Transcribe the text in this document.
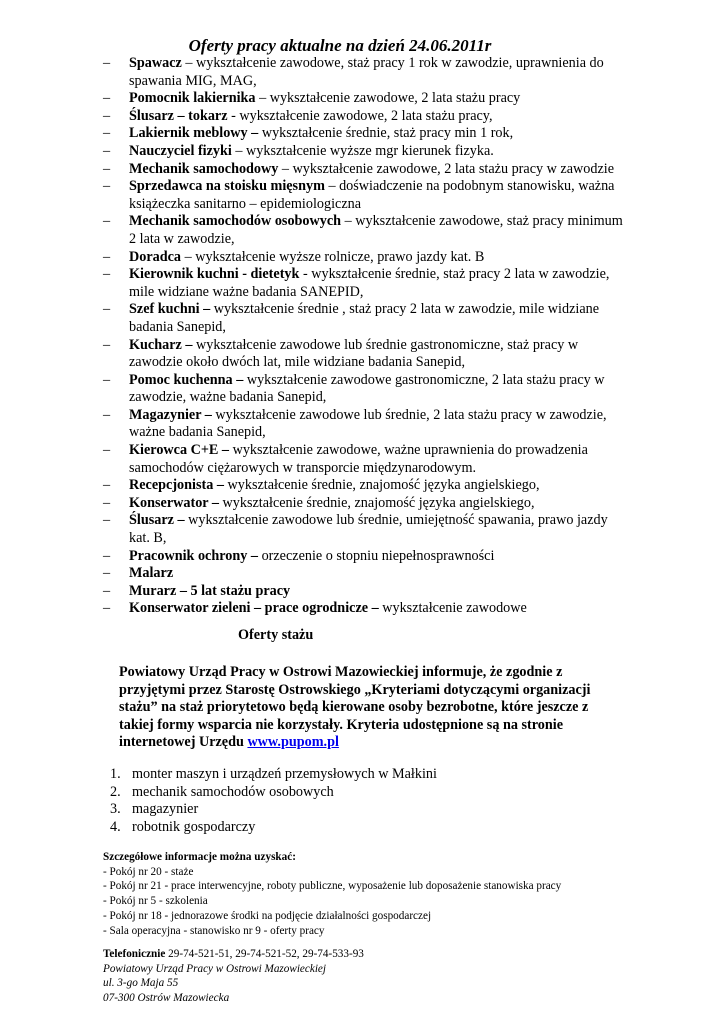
Oferty pracy aktualne na dzień 24.06.2011r
– Spawacz – wykształcenie zawodowe, staż pracy 1 rok w zawodzie, uprawnienia do spawania MIG, MAG,
– Pomocnik lakiernika – wykształcenie zawodowe, 2 lata stażu pracy
– Ślusarz – tokarz - wykształcenie zawodowe, 2 lata stażu pracy,
– Lakiernik meblowy – wykształcenie średnie, staż pracy min 1 rok,
– Nauczyciel fizyki – wykształcenie wyższe mgr kierunek fizyka.
– Mechanik samochodowy – wykształcenie zawodowe, 2 lata stażu pracy w zawodzie
– Sprzedawca na stoisku mięsnym – doświadczenie na podobnym stanowisku, ważna książeczka sanitarno – epidemiologiczna
– Mechanik samochodów osobowych – wykształcenie zawodowe, staż pracy minimum 2 lata w zawodzie,
– Doradca – wykształcenie wyższe rolnicze, prawo jazdy kat. B
– Kierownik kuchni - dietetyk - wykształcenie średnie, staż pracy 2 lata w zawodzie, mile widziane ważne badania SANEPID,
– Szef kuchni – wykształcenie średnie , staż pracy 2 lata w zawodzie, mile widziane badania Sanepid,
– Kucharz – wykształcenie zawodowe lub średnie gastronomiczne, staż pracy w zawodzie około dwóch lat, mile widziane badania Sanepid,
– Pomoc kuchenna – wykształcenie zawodowe gastronomiczne, 2 lata stażu pracy w zawodzie, ważne badania Sanepid,
– Magazynier – wykształcenie zawodowe lub średnie, 2 lata stażu pracy w zawodzie, ważne badania Sanepid,
– Kierowca C+E – wykształcenie zawodowe, ważne uprawnienia do prowadzenia samochodów ciężarowych w transporcie międzynarodowym.
– Recepcjonista – wykształcenie średnie, znajomość języka angielskiego,
– Konserwator – wykształcenie średnie, znajomość języka angielskiego,
– Ślusarz – wykształcenie zawodowe lub średnie, umiejętność spawania, prawo jazdy kat. B,
– Pracownik ochrony – orzeczenie o stopniu niepełnosprawności
– Malarz
– Murarz – 5 lat stażu pracy
– Konserwator zieleni – prace ogrodnicze – wykształcenie zawodowe
Oferty stażu
Powiatowy Urząd Pracy w Ostrowi Mazowieckiej informuje, że zgodnie z przyjętymi przez Starostę Ostrowskiego „Kryteriami dotyczącymi organizacji stażu” na staż priorytetowo będą kierowane osoby bezrobotne, które jeszcze z takiej formy wsparcia nie korzystały. Kryteria udostępnione są na stronie internetowej Urzędu www.pupom.pl
1. monter maszyn i urządzeń przemysłowych w Małkini
2. mechanik samochodów osobowych
3. magazynier
4. robotnik gospodarczy
Szczegółowe informacje można uzyskać:
- Pokój nr 20 - staże
- Pokój nr 21 - prace interwencyjne, roboty publiczne, wyposażenie lub doposażenie stanowiska pracy
- Pokój nr 5 - szkolenia
- Pokój nr 18 - jednorazowe środki na podjęcie działalności gospodarczej
- Sala operacyjna - stanowisko nr 9 - oferty pracy
Telefonicznie 29-74-521-51, 29-74-521-52, 29-74-533-93
Powiatowy Urząd Pracy w Ostrowi Mazowieckiej
ul. 3-go Maja 55
07-300 Ostrów Mazowiecka
